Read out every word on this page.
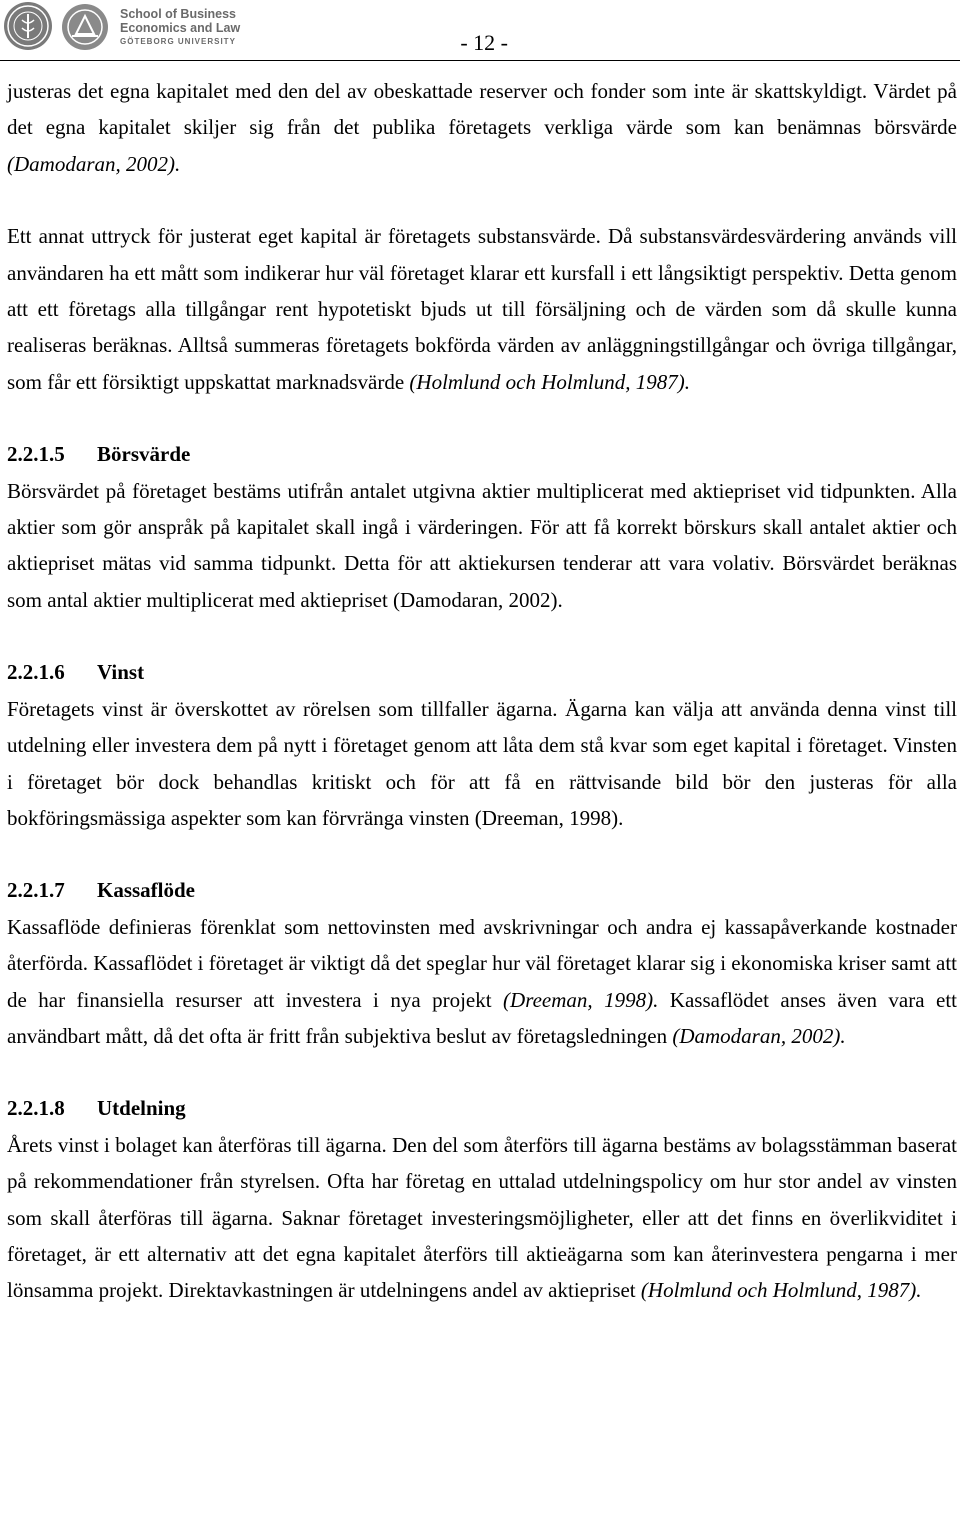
School of Business
Economics and Law
GÖTEBORG UNIVERSITY	- 12 -

justeras det egna kapitalet med den del av obeskattade reserver och fonder som inte är skattskyldigt. Värdet på det egna kapitalet skiljer sig från det publika företagets verkliga värde som kan benämnas börsvärde (Damodaran, 2002).

Ett annat uttryck för justerat eget kapital är företagets substansvärde. Då substansvärdesvärdering används vill användaren ha ett mått som indikerar hur väl företaget klarar ett kursfall i ett långsiktigt perspektiv. Detta genom att ett företags alla tillgångar rent hypotetiskt bjuds ut till försäljning och de värden som då skulle kunna realiseras beräknas. Alltså summeras företagets bokförda värden av anläggningstillgångar och övriga tillgångar, som får ett försiktigt uppskattat marknadsvärde (Holmlund och Holmlund, 1987).

2.2.1.5 Börsvärde

Börsvärdet på företaget bestäms utifrån antalet utgivna aktier multiplicerat med aktiepriset vid tidpunkten. Alla aktier som gör anspråk på kapitalet skall ingå i värderingen. För att få korrekt börskurs skall antalet aktier och aktiepriset mätas vid samma tidpunkt. Detta för att aktiekursen tenderar att vara volativ. Börsvärdet beräknas som antal aktier multiplicerat med aktiepriset (Damodaran, 2002).

2.2.1.6 Vinst

Företagets vinst är överskottet av rörelsen som tillfaller ägarna. Ägarna kan välja att använda denna vinst till utdelning eller investera dem på nytt i företaget genom att låta dem stå kvar som eget kapital i företaget. Vinsten i företaget bör dock behandlas kritiskt och för att få en rättvisande bild bör den justeras för alla bokföringsmässiga aspekter som kan förvränga vinsten (Dreeman, 1998).

2.2.1.7 Kassaflöde

Kassaflöde definieras förenklat som nettovinsten med avskrivningar och andra ej kassapåverkande kostnader återförda. Kassaflödet i företaget är viktigt då det speglar hur väl företaget klarar sig i ekonomiska kriser samt att de har finansiella resurser att investera i nya projekt (Dreeman, 1998). Kassaflödet anses även vara ett användbart mått, då det ofta är fritt från subjektiva beslut av företagsledningen (Damodaran, 2002).

2.2.1.8 Utdelning

Årets vinst i bolaget kan återföras till ägarna. Den del som återförs till ägarna bestäms av bolagsstämman baserat på rekommendationer från styrelsen. Ofta har företag en uttalad utdelningspolicy om hur stor andel av vinsten som skall återföras till ägarna. Saknar företaget investeringsmöjligheter, eller att det finns en överlikviditet i företaget, är ett alternativ att det egna kapitalet återförs till aktieägarna som kan återinvestera pengarna i mer lönsamma projekt. Direktavkastningen är utdelningens andel av aktiepriset (Holmlund och Holmlund, 1987).
